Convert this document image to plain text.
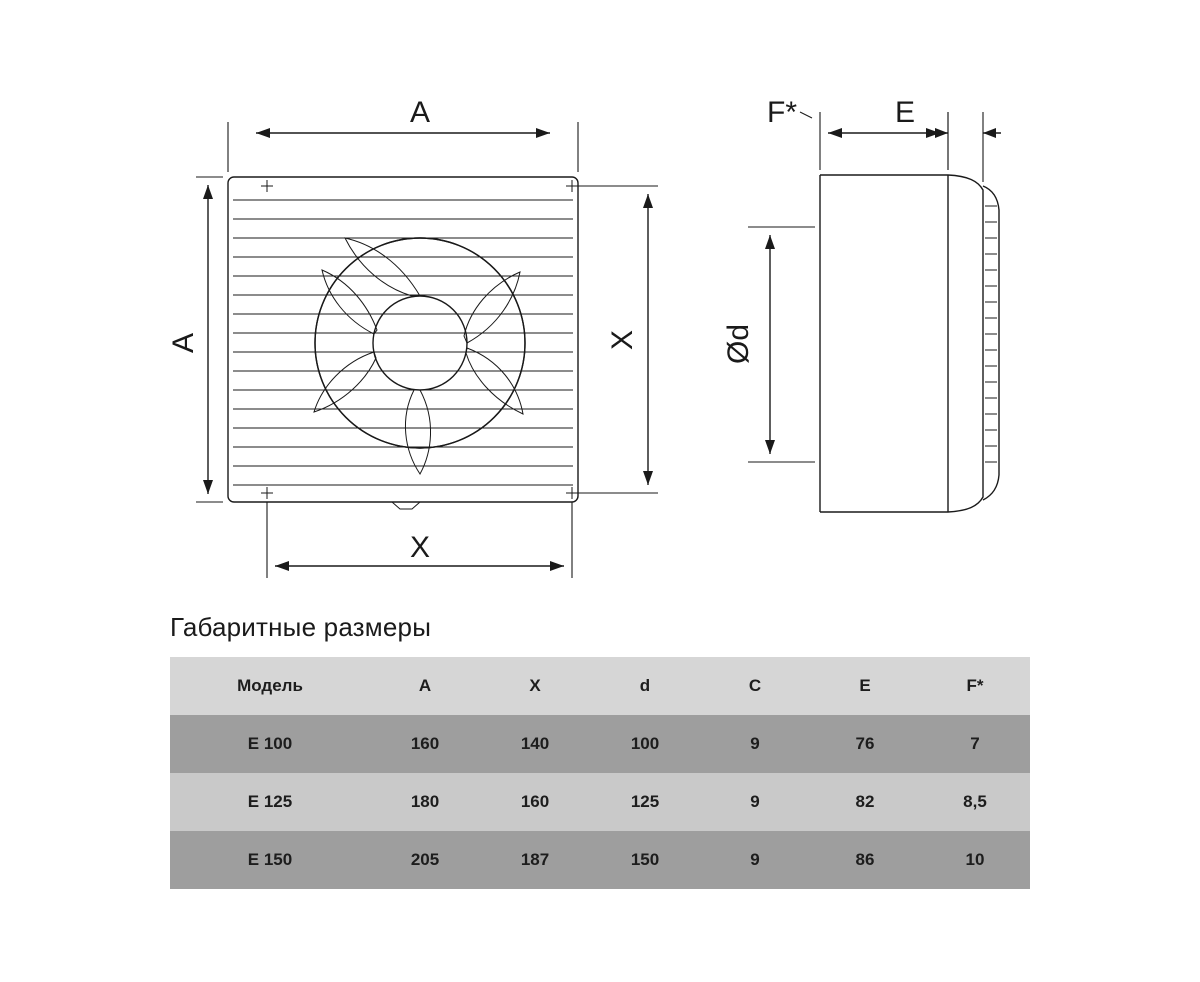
A
A	X
X
F*	E
Ød
Габаритные размеры
Модель	A	X	d	C	E	F*
E 100	160	140	100	9	76	7
E 125	180	160	125	9	82	8,5
E 150	205	187	150	9	86	10
